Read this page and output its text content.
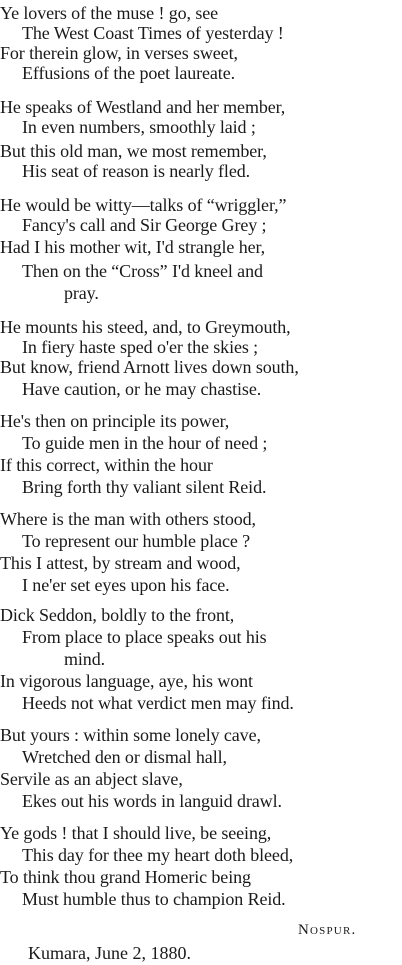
Ye lovers of the muse ! go, see
The West Coast Times of yesterday !
For therein glow, in verses sweet,
Effusions of the poet laureate.
He speaks of Westland and her member,
In even numbers, smoothly laid ;
But this old man, we most remember,
His seat of reason is nearly fled.
He would be witty—talks of “wriggler,”
Fancy's call and Sir George Grey ;
Had I his mother wit, I'd strangle her,
Then on the “Cross” I'd kneel and
pray.
He mounts his steed, and, to Greymouth,
In fiery haste sped o'er the skies ;
But know, friend Arnott lives down south,
Have caution, or he may chastise.
He's then on principle its power,
To guide men in the hour of need ;
If this correct, within the hour
Bring forth thy valiant silent Reid.
Where is the man with others stood,
To represent our humble place ?
This I attest, by stream and wood,
I ne'er set eyes upon his face.
Dick Seddon, boldly to the front,
From place to place speaks out his
mind.
In vigorous language, aye, his wont
Heeds not what verdict men may find.
But yours : within some lonely cave,
Wretched den or dismal hall,
Servile as an abject slave,
Ekes out his words in languid drawl.
Ye gods ! that I should live, be seeing,
This day for thee my heart doth bleed,
To think thou grand Homeric being
Must humble thus to champion Reid.
Nospur.
Kumara, June 2, 1880.
